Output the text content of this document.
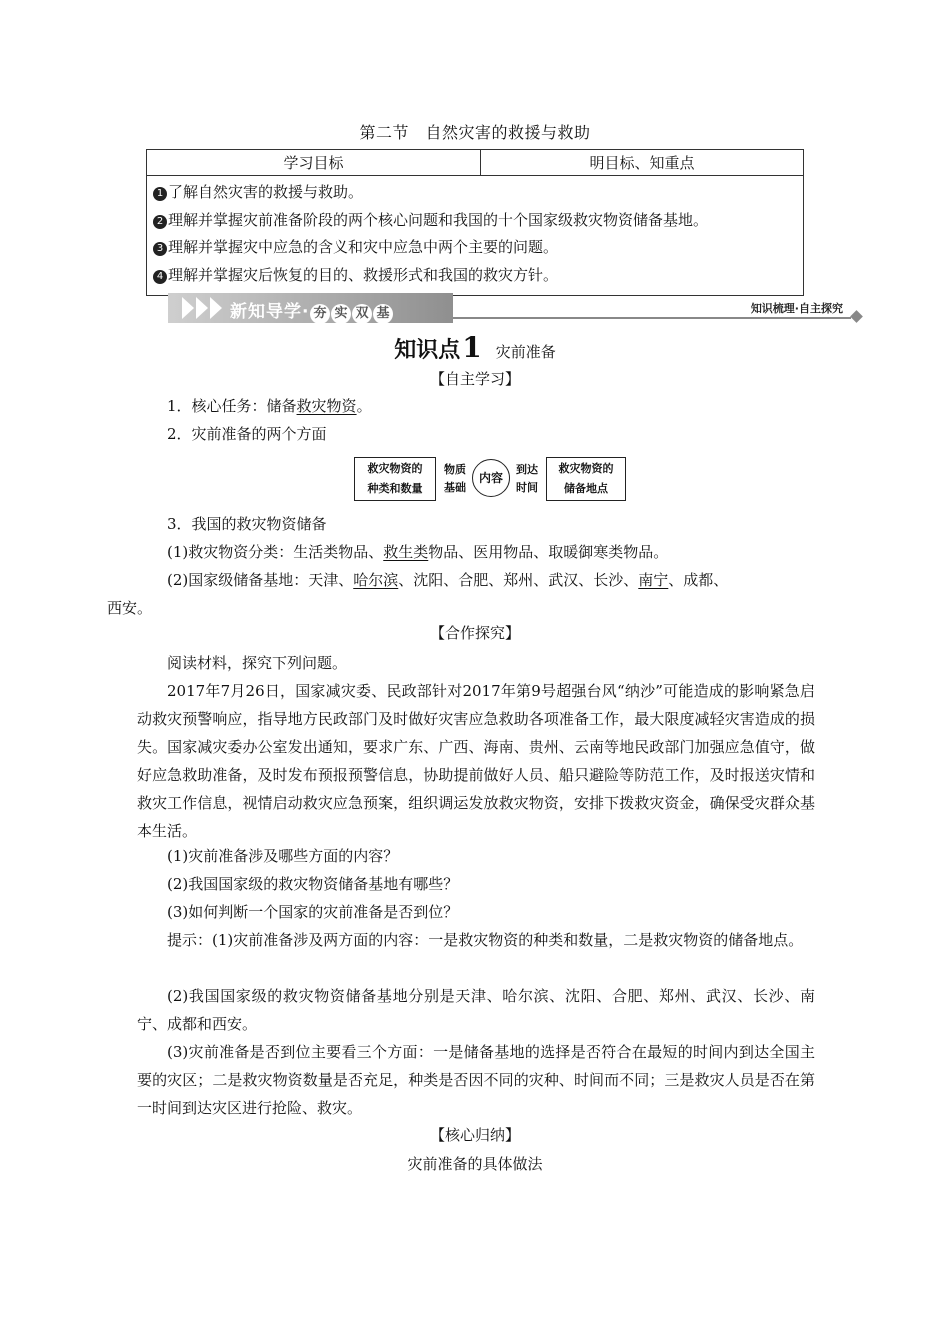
第二节　自然灾害的救援与救助
学习目标	明目标、知重点

1 了解自然灾害的救援与救助。
2 理解并掌握灾前准备阶段的两个核心问题和我国的十个国家级救灾物资储备基地。
3 理解并掌握灾中应急的含义和灾中应急中两个主要的问题。
4 理解并掌握灾后恢复的目的、救援形式和我国的救灾方针。
新知导学· 夯 实 双 基	知识梳理·自主探究
知识点1 灾前准备
【自主学习】
1．核心任务：储备救灾物资。
2．灾前准备的两个方面
救灾物资的
种类和数量
物质
基础
内容
到达
时间
救灾物资的
储备地点
3．我国的救灾物资储备
(1)救灾物资分类：生活类物品、救生类物品、医用物品、取暖御寒类物品。
(2)国家级储备基地：天津、哈尔滨、沈阳、合肥、郑州、武汉、长沙、南宁、成都、
西安。
【合作探究】
阅读材料，探究下列问题。
2017年7月26日，国家减灾委、民政部针对2017年第9号超强台风“纳沙”可能造成的影响紧急启动救灾预警响应，指导地方民政部门及时做好灾害应急救助各项准备工作，最大限度减轻灾害造成的损失。国家减灾委办公室发出通知，要求广东、广西、海南、贵州、云南等地民政部门加强应急值守，做好应急救助准备，及时发布预报预警信息，协助提前做好人员、船只避险等防范工作，及时报送灾情和救灾工作信息，视情启动救灾应急预案，组织调运发放救灾物资，安排下拨救灾资金，确保受灾群众基本生活。
(1)灾前准备涉及哪些方面的内容？
(2)我国国家级的救灾物资储备基地有哪些？
(3)如何判断一个国家的灾前准备是否到位？
提示：(1)灾前准备涉及两方面的内容：一是救灾物资的种类和数量，二是救灾物资的储备地点。
(2)我国国家级的救灾物资储备基地分别是天津、哈尔滨、沈阳、合肥、郑州、武汉、长沙、南宁、成都和西安。
(3)灾前准备是否到位主要看三个方面：一是储备基地的选择是否符合在最短的时间内到达全国主要的灾区；二是救灾物资数量是否充足，种类是否因不同的灾种、时间而不同；三是救灾人员是否在第一时间到达灾区进行抢险、救灾。
【核心归纳】
灾前准备的具体做法
